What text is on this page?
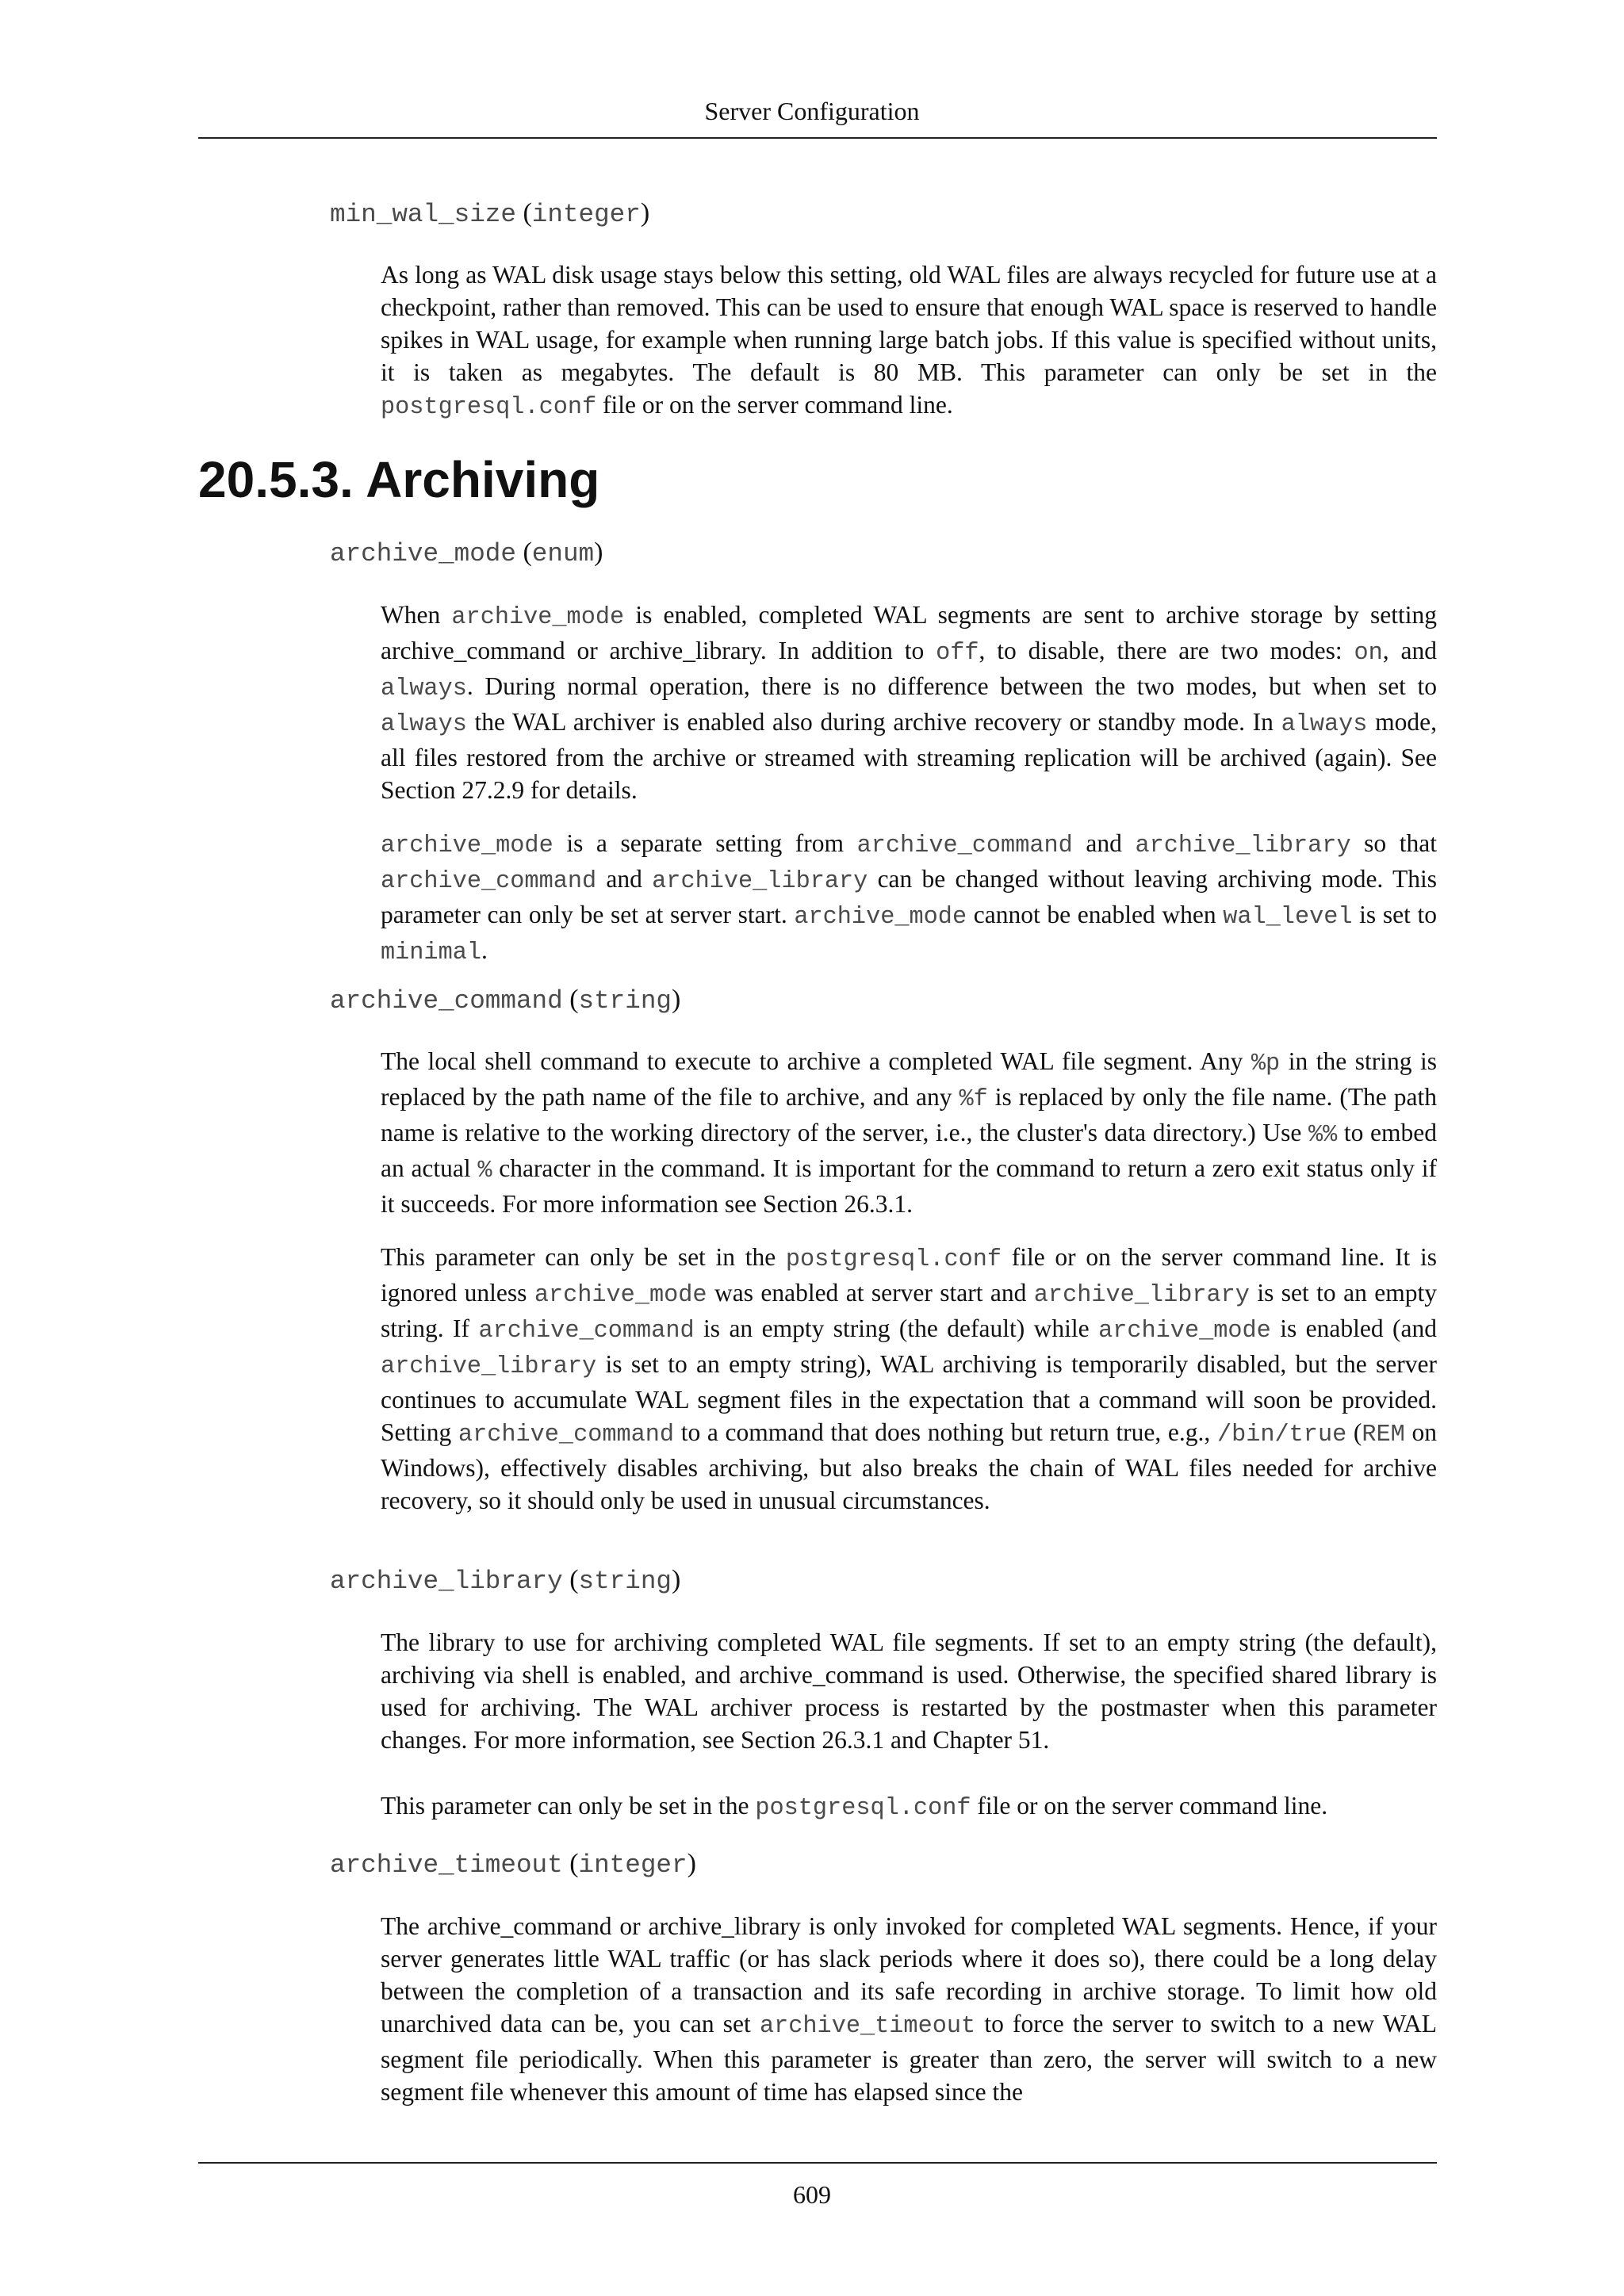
Server Configuration
min_wal_size (integer)

As long as WAL disk usage stays below this setting, old WAL files are always recycled for future use at a checkpoint, rather than removed. This can be used to ensure that enough WAL space is reserved to handle spikes in WAL usage, for example when running large batch jobs. If this value is specified without units, it is taken as megabytes. The default is 80 MB. This parameter can only be set in the postgresql.conf file or on the server command line.

20.5.3. Archiving
archive_mode (enum)

When archive_mode is enabled, completed WAL segments are sent to archive storage by setting archive_command or archive_library. In addition to off, to disable, there are two modes: on, and always. During normal operation, there is no difference between the two modes, but when set to always the WAL archiver is enabled also during archive recovery or standby mode. In always mode, all files restored from the archive or streamed with streaming replication will be archived (again). See Section 27.2.9 for details.

archive_mode is a separate setting from archive_command and archive_library so that archive_command and archive_library can be changed without leaving archiving mode. This parameter can only be set at server start. archive_mode cannot be enabled when wal_level is set to minimal.

archive_command (string)

The local shell command to execute to archive a completed WAL file segment. Any %p in the string is replaced by the path name of the file to archive, and any %f is replaced by only the file name. (The path name is relative to the working directory of the server, i.e., the cluster's data directory.) Use %% to embed an actual % character in the command. It is important for the command to return a zero exit status only if it succeeds. For more information see Section 26.3.1.

This parameter can only be set in the postgresql.conf file or on the server command line. It is ignored unless archive_mode was enabled at server start and archive_library is set to an empty string. If archive_command is an empty string (the default) while archive_mode is enabled (and archive_library is set to an empty string), WAL archiving is temporarily disabled, but the server continues to accumulate WAL segment files in the expectation that a command will soon be provided. Setting archive_command to a command that does nothing but return true, e.g., /bin/true (REM on Windows), effectively disables archiving, but also breaks the chain of WAL files needed for archive recovery, so it should only be used in unusual circumstances.

archive_library (string)

The library to use for archiving completed WAL file segments. If set to an empty string (the default), archiving via shell is enabled, and archive_command is used. Otherwise, the specified shared library is used for archiving. The WAL archiver process is restarted by the postmaster when this parameter changes. For more information, see Section 26.3.1 and Chapter 51.

This parameter can only be set in the postgresql.conf file or on the server command line.

archive_timeout (integer)

The archive_command or archive_library is only invoked for completed WAL segments. Hence, if your server generates little WAL traffic (or has slack periods where it does so), there could be a long delay between the completion of a transaction and its safe recording in archive storage. To limit how old unarchived data can be, you can set archive_timeout to force the server to switch to a new WAL segment file periodically. When this parameter is greater than zero, the server will switch to a new segment file whenever this amount of time has elapsed since the

609
